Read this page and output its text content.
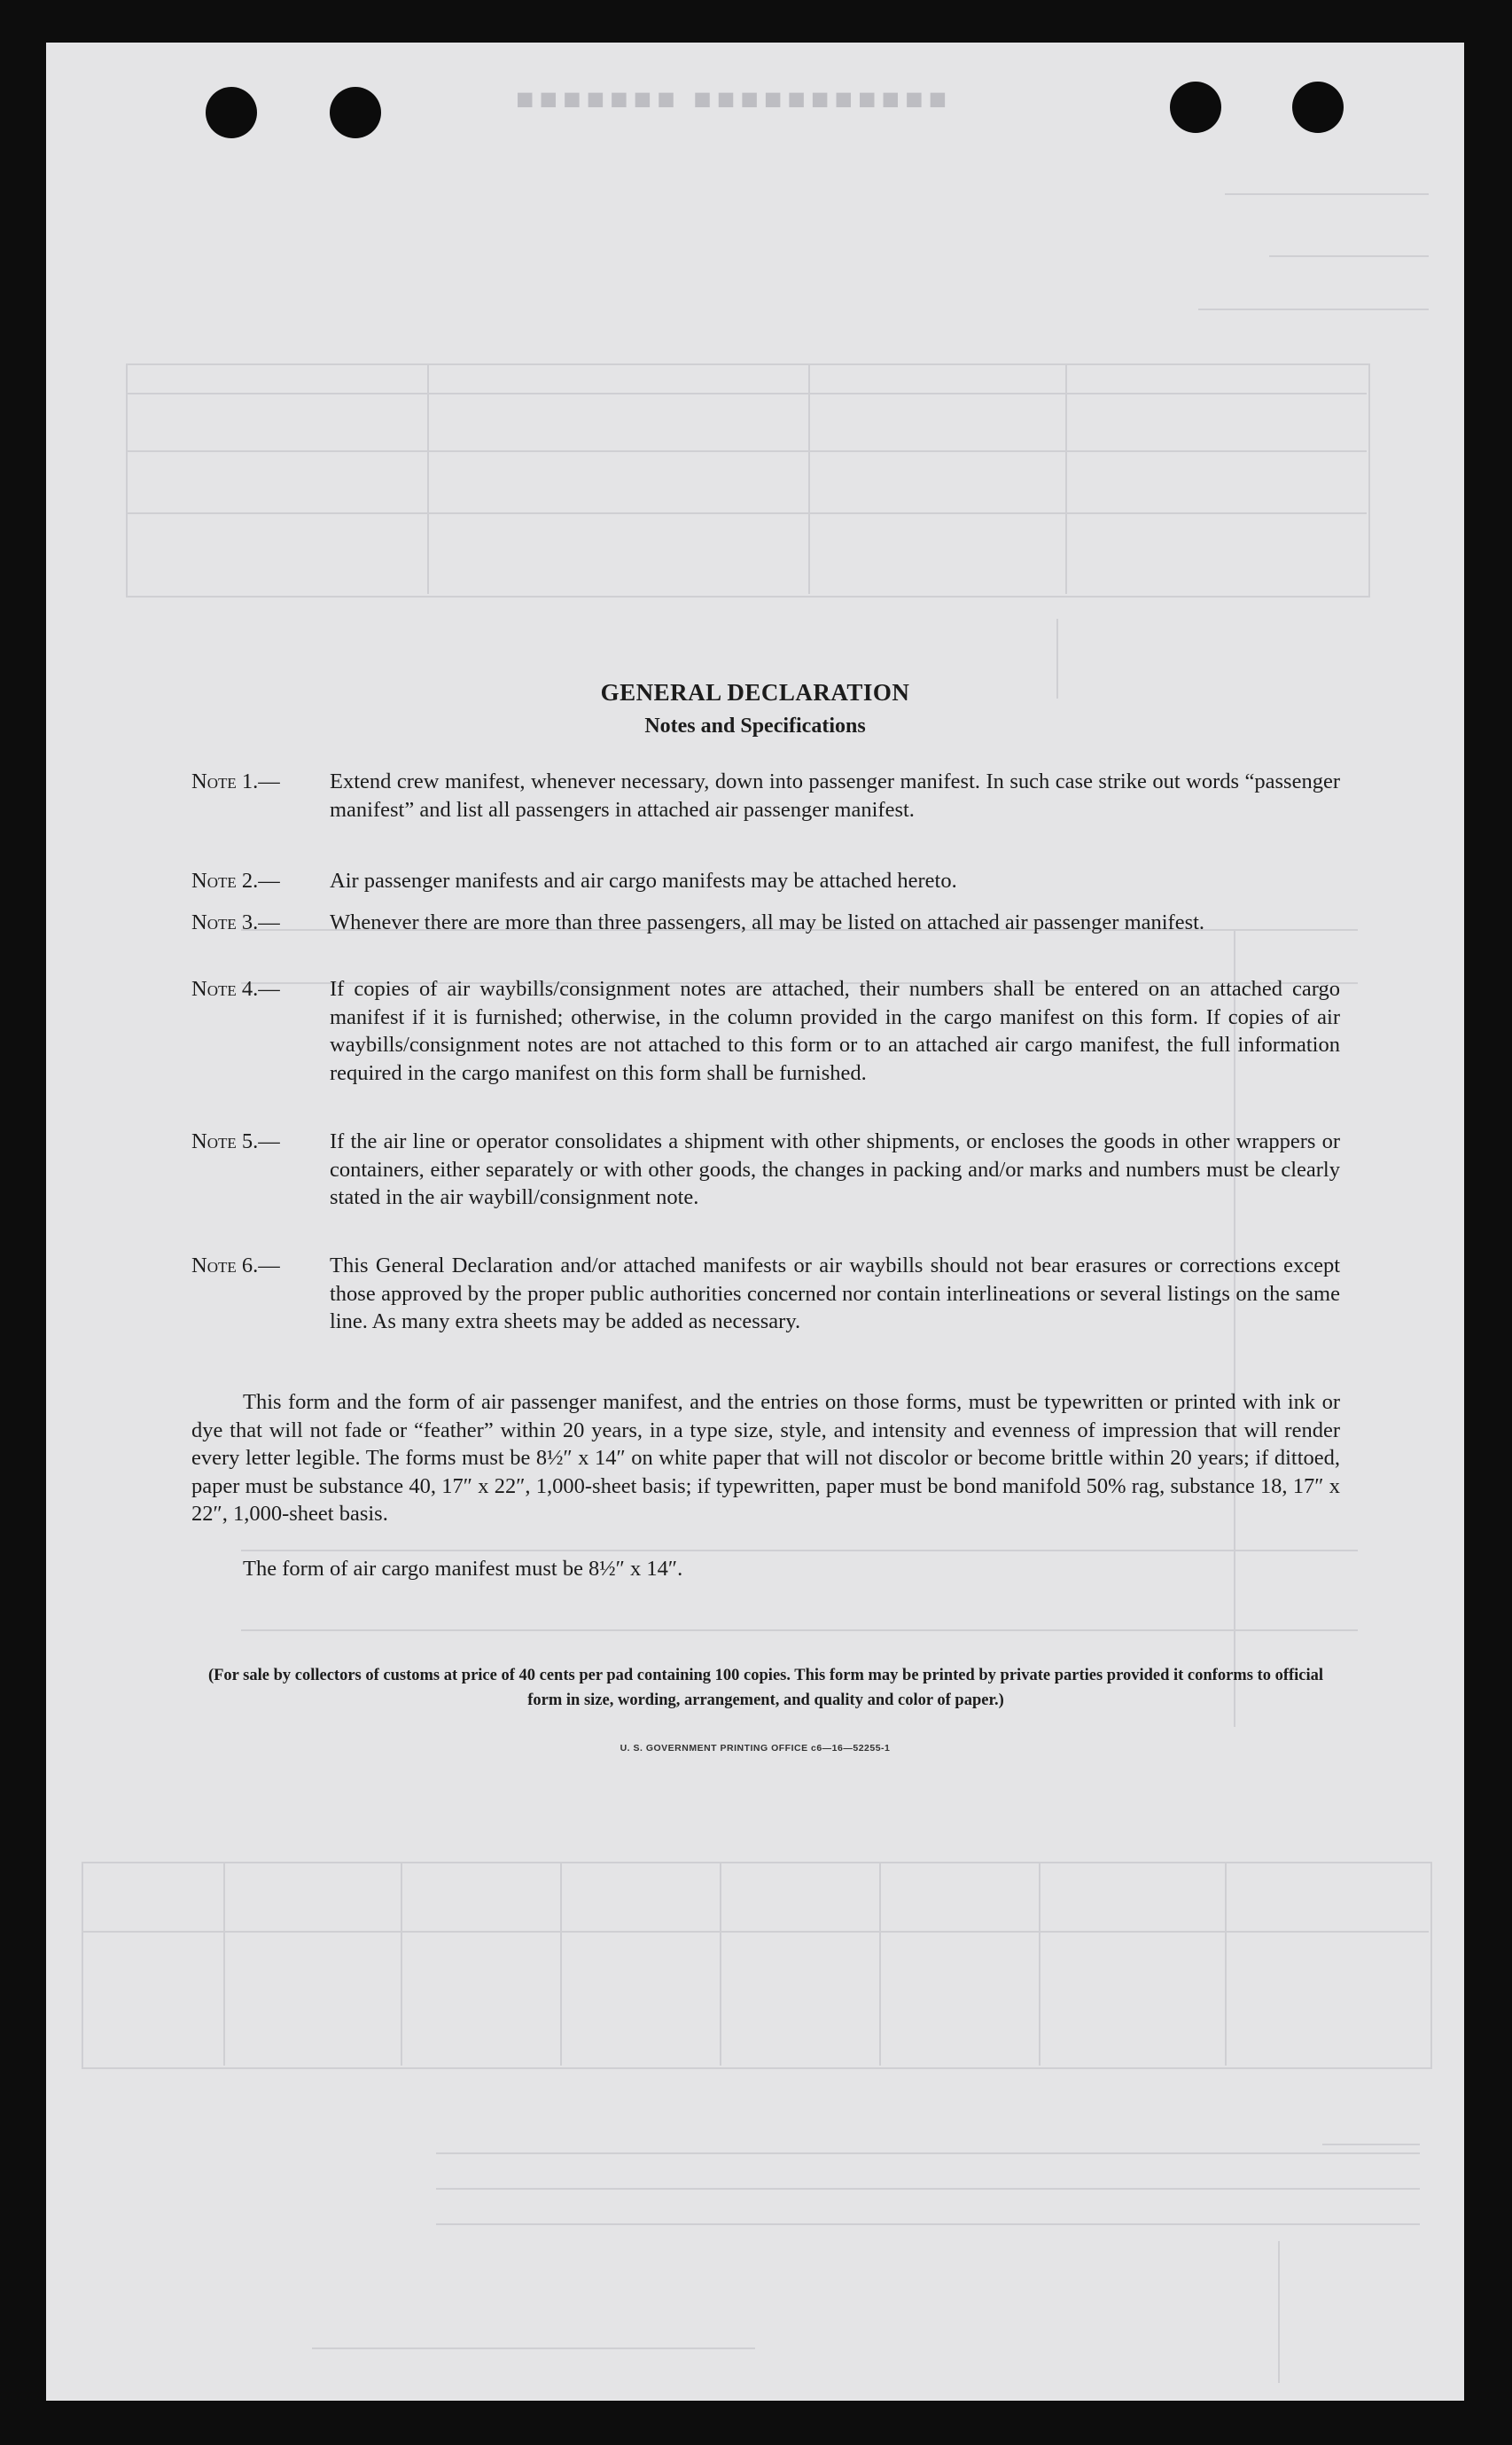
■■■■■■■ ■■■■■■■■■■■
GENERAL DECLARATION
Notes and Specifications
Note 1.—	Extend crew manifest, whenever necessary, down into passenger manifest. In such case strike out words “passenger manifest” and list all passengers in attached air passenger manifest.
Note 2.—	Air passenger manifests and air cargo manifests may be attached hereto.
Note 3.—	Whenever there are more than three passengers, all may be listed on attached air passenger manifest.
Note 4.—	If copies of air waybills/consignment notes are attached, their numbers shall be entered on an attached cargo manifest if it is furnished; otherwise, in the column provided in the cargo manifest on this form. If copies of air waybills/consignment notes are not attached to this form or to an attached air cargo manifest, the full information required in the cargo manifest on this form shall be furnished.
Note 5.—	If the air line or operator consolidates a shipment with other shipments, or encloses the goods in other wrappers or containers, either separately or with other goods, the changes in packing and/or marks and numbers must be clearly stated in the air waybill/consignment note.
Note 6.—	This General Declaration and/or attached manifests or air waybills should not bear erasures or corrections except those approved by the proper public authorities concerned nor contain interlineations or several listings on the same line. As many extra sheets may be added as necessary.
This form and the form of air passenger manifest, and the entries on those forms, must be typewritten or printed with ink or dye that will not fade or “feather” within 20 years, in a type size, style, and intensity and evenness of impression that will render every letter legible. The forms must be 8½″ x 14″ on white paper that will not discolor or become brittle within 20 years; if dittoed, paper must be substance 40, 17″ x 22″, 1,000-sheet basis; if typewritten, paper must be bond manifold 50% rag, substance 18, 17″ x 22″, 1,000-sheet basis.
The form of air cargo manifest must be 8½″ x 14″.
(For sale by collectors of customs at price of 40 cents per pad containing 100 copies. This form may be printed by private parties provided it conforms to official form in size, wording, arrangement, and quality and color of paper.)
U. S. GOVERNMENT PRINTING OFFICE c6—16—52255-1
